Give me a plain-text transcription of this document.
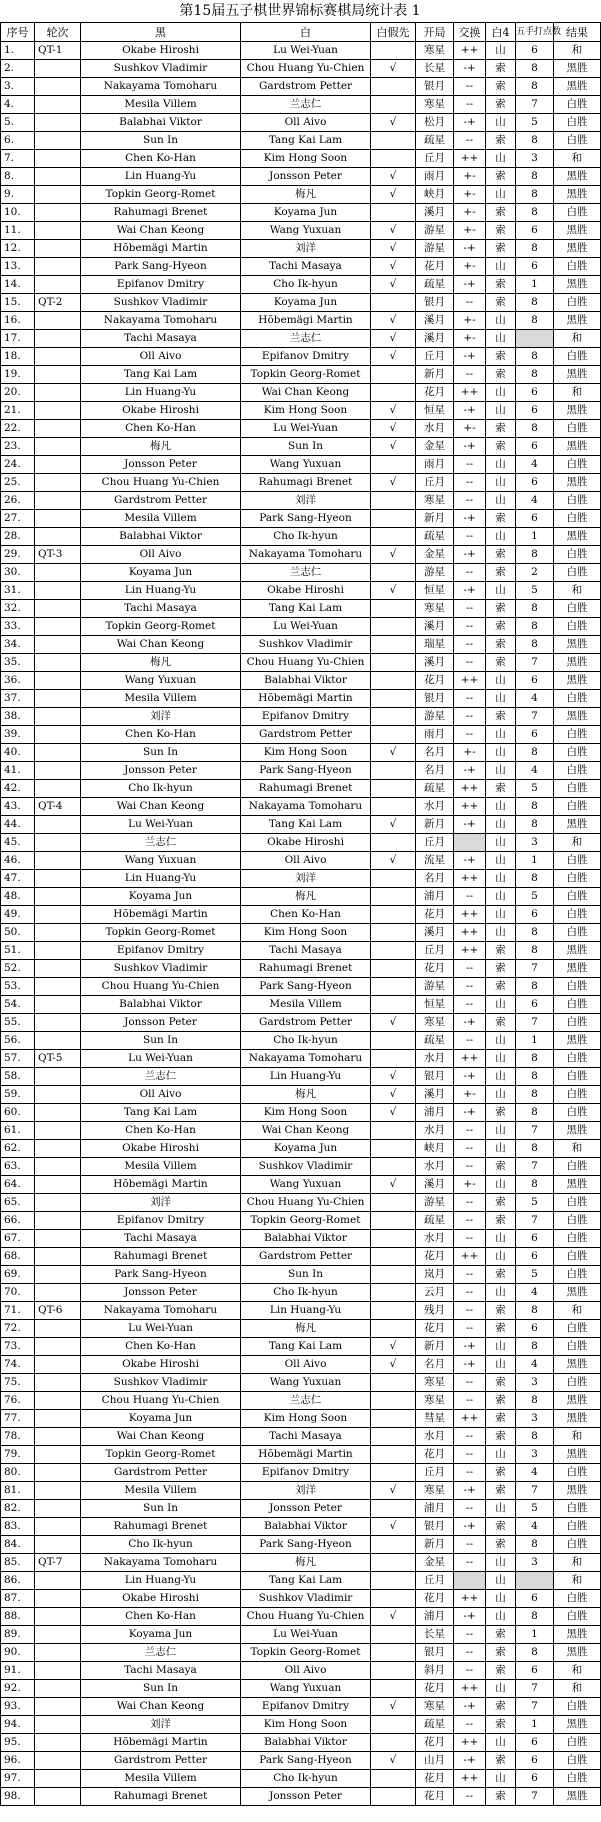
第15届五子棋世界锦标赛棋局统计表 1
序号	轮次	黑	白	白假先	开局	交换	白4	五手打点数	结果
1.	QT-1	Okabe Hiroshi	Lu Wei-Yuan		寒星	++	山	6	和
2.		Sushkov Vladimir	Chou Huang Yu-Chien	√	长星	-+	索	8	黑胜
3.		Nakayama Tomoharu	Gardstrom Petter		银月	--	索	8	黑胜
4.		Mesila Villem	兰志仁		寒星	--	索	7	白胜
5.		Balabhai Viktor	Oll Aivo	√	松月	-+	山	5	白胜
6.		Sun In	Tang Kai Lam		疏星	--	索	8	白胜
7.		Chen Ko-Han	Kim Hong Soon		丘月	++	山	3	和
8.		Lin Huang-Yu	Jonsson Peter	√	雨月	+-	索	8	黑胜
9.		Topkin Georg-Romet	梅凡	√	峡月	+-	山	8	黑胜
10.		Rahumagi Brenet	Koyama Jun		溪月	+-	索	8	白胜
11.		Wai Chan Keong	Wang Yuxuan	√	游星	+-	索	6	黑胜
12.		Hõbemägi Martin	刘洋	√	游星	-+	索	8	黑胜
13.		Park Sang-Hyeon	Tachi Masaya	√	花月	+-	山	6	白胜
14.		Epifanov Dmitry	Cho Ik-hyun	√	疏星	-+	索	1	黑胜
15.	QT-2	Sushkov Vladimir	Koyama Jun		银月	--	索	8	白胜
16.		Nakayama Tomoharu	Hõbemägi Martin	√	溪月	+-	山	8	黑胜
17.		Tachi Masaya	兰志仁	√	溪月	+-	山		和
18.		Oll Aivo	Epifanov Dmitry	√	丘月	-+	索	8	白胜
19.		Tang Kai Lam	Topkin Georg-Romet		新月	--	索	8	黑胜
20.		Lin Huang-Yu	Wai Chan Keong		花月	++	山	6	和
21.		Okabe Hiroshi	Kim Hong Soon	√	恒星	-+	山	6	黑胜
22.		Chen Ko-Han	Lu Wei-Yuan	√	水月	+-	索	8	白胜
23.		梅凡	Sun In	√	金星	-+	索	6	黑胜
24.		Jonsson Peter	Wang Yuxuan		雨月	--	山	4	白胜
25.		Chou Huang Yu-Chien	Rahumagi Brenet	√	丘月	--	山	6	黑胜
26.		Gardstrom Petter	刘洋		寒星	--	山	4	白胜
27.		Mesila Villem	Park Sang-Hyeon		新月	-+	索	6	白胜
28.		Balabhai Viktor	Cho Ik-hyun		疏星	--	山	1	黑胜
29.	QT-3	Oll Aivo	Nakayama Tomoharu	√	金星	-+	索	8	白胜
30.		Koyama Jun	兰志仁		游星	--	索	2	白胜
31.		Lin Huang-Yu	Okabe Hiroshi	√	恒星	-+	山	5	和
32.		Tachi Masaya	Tang Kai Lam		寒星	--	索	8	白胜
33.		Topkin Georg-Romet	Lu Wei-Yuan		溪月	--	索	8	白胜
34.		Wai Chan Keong	Sushkov Vladimir		瑞星	--	索	8	黑胜
35.		梅凡	Chou Huang Yu-Chien		溪月	--	索	7	黑胜
36.		Wang Yuxuan	Balabhai Viktor		花月	++	山	6	黑胜
37.		Mesila Villem	Hõbemägi Martin		银月	--	山	4	白胜
38.		刘洋	Epifanov Dmitry		游星	--	索	7	黑胜
39.		Chen Ko-Han	Gardstrom Petter		雨月	--	山	6	白胜
40.		Sun In	Kim Hong Soon	√	名月	+-	山	8	白胜
41.		Jonsson Peter	Park Sang-Hyeon		名月	-+	山	4	白胜
42.		Cho Ik-hyun	Rahumagi Brenet		疏星	++	索	5	白胜
43.	QT-4	Wai Chan Keong	Nakayama Tomoharu		水月	++	山	8	白胜
44.		Lu Wei-Yuan	Tang Kai Lam	√	新月	-+	山	8	黑胜
45.		兰志仁	Okabe Hiroshi		丘月		山	3	和
46.		Wang Yuxuan	Oll Aivo	√	流星	-+	山	1	白胜
47.		Lin Huang-Yu	刘洋		名月	++	山	8	白胜
48.		Koyama Jun	梅凡		浦月	--	山	5	白胜
49.		Hõbemägi Martin	Chen Ko-Han		花月	++	山	6	白胜
50.		Topkin Georg-Romet	Kim Hong Soon		溪月	++	山	8	白胜
51.		Epifanov Dmitry	Tachi Masaya		丘月	++	索	8	黑胜
52.		Sushkov Vladimir	Rahumagi Brenet		花月	--	索	7	黑胜
53.		Chou Huang Yu-Chien	Park Sang-Hyeon		游星	--	索	8	白胜
54.		Balabhai Viktor	Mesila Villem		恒星	--	山	6	白胜
55.		Jonsson Peter	Gardstrom Petter	√	寒星	-+	索	7	白胜
56.		Sun In	Cho Ik-hyun		疏星	--	山	1	黑胜
57.	QT-5	Lu Wei-Yuan	Nakayama Tomoharu		水月	++	山	8	白胜
58.		兰志仁	Lin Huang-Yu	√	银月	-+	山	8	白胜
59.		Oll Aivo	梅凡	√	溪月	+-	山	8	白胜
60.		Tang Kai Lam	Kim Hong Soon	√	浦月	-+	索	8	白胜
61.		Chen Ko-Han	Wai Chan Keong		水月	--	山	7	黑胜
62.		Okabe Hiroshi	Koyama Jun		峡月	--	山	8	和
63.		Mesila Villem	Sushkov Vladimir		水月	--	索	7	白胜
64.		Hõbemägi Martin	Wang Yuxuan	√	溪月	+-	山	8	黑胜
65.		刘洋	Chou Huang Yu-Chien		游星	--	索	5	白胜
66.		Epifanov Dmitry	Topkin Georg-Romet		疏星	--	索	7	白胜
67.		Tachi Masaya	Balabhai Viktor		水月	--	山	6	白胜
68.		Rahumagi Brenet	Gardstrom Petter		花月	++	山	6	白胜
69.		Park Sang-Hyeon	Sun In		岚月	--	索	5	白胜
70.		Jonsson Peter	Cho Ik-hyun		云月	--	山	4	黑胜
71.	QT-6	Nakayama Tomoharu	Lin Huang-Yu		残月	--	索	8	和
72.		Lu Wei-Yuan	梅凡		花月	--	索	6	白胜
73.		Chen Ko-Han	Tang Kai Lam	√	新月	-+	山	8	白胜
74.		Okabe Hiroshi	Oll Aivo	√	名月	-+	山	4	黑胜
75.		Sushkov Vladimir	Wang Yuxuan		寒星	--	索	3	白胜
76.		Chou Huang Yu-Chien	兰志仁		寒星	--	索	8	黑胜
77.		Koyama Jun	Kim Hong Soon		彗星	++	索	3	黑胜
78.		Wai Chan Keong	Tachi Masaya		水月	--	索	8	和
79.		Topkin Georg-Romet	Hõbemägi Martin		花月	--	山	3	黑胜
80.		Gardstrom Petter	Epifanov Dmitry		丘月	--	索	4	白胜
81.		Mesila Villem	刘洋	√	寒星	-+	索	7	黑胜
82.		Sun In	Jonsson Peter		浦月	--	山	5	白胜
83.		Rahumagi Brenet	Balabhai Viktor	√	银月	-+	索	4	白胜
84.		Cho Ik-hyun	Park Sang-Hyeon		新月	--	索	8	白胜
85.	QT-7	Nakayama Tomoharu	梅凡		金星	--	山	3	和
86.		Lin Huang-Yu	Tang Kai Lam		丘月		山		和
87.		Okabe Hiroshi	Sushkov Vladimir		花月	++	山	6	白胜
88.		Chen Ko-Han	Chou Huang Yu-Chien	√	浦月	-+	山	8	白胜
89.		Koyama Jun	Lu Wei-Yuan		长星	--	索	1	黑胜
90.		兰志仁	Topkin Georg-Romet		银月	--	索	8	黑胜
91.		Tachi Masaya	Oll Aivo		斜月	--	索	6	和
92.		Sun In	Wang Yuxuan		花月	++	山	7	和
93.		Wai Chan Keong	Epifanov Dmitry	√	寒星	-+	索	7	白胜
94.		刘洋	Kim Hong Soon		疏星	--	索	1	黑胜
95.		Hõbemägi Martin	Balabhai Viktor		花月	++	山	6	白胜
96.		Gardstrom Petter	Park Sang-Hyeon	√	山月	-+	索	6	白胜
97.		Mesila Villem	Cho Ik-hyun		花月	++	山	6	白胜
98.		Rahumagi Brenet	Jonsson Peter		花月	--	索	7	黑胜
